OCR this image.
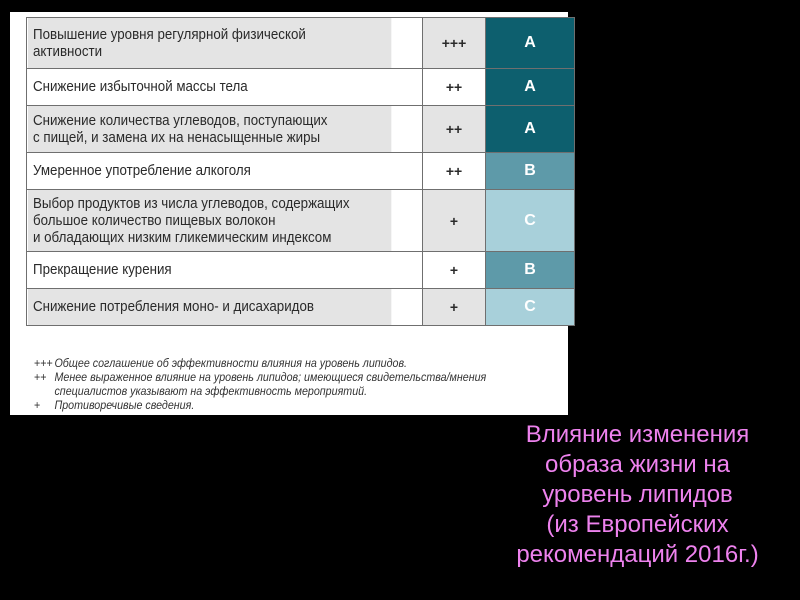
Повышение уровня регулярной физической
активности	+++	A
Снижение избыточной массы тела	++	A
Снижение количества углеводов, поступающих
с пищей, и замена их на ненасыщенные жиры	++	A
Умеренное употребление алкоголя	++	B
Выбор продуктов из числа углеводов, содержащих
большое количество пищевых волокон
и обладающих низким гликемическим индексом	+	C
Прекращение курения	+	B
Снижение потребления моно- и дисахаридов	+	C
+++ Общее соглашение об эффективности влияния на уровень липидов.
++ Менее выраженное влияние на уровень липидов; имеющиеся свидетельства/мнения специалистов указывают на эффективность мероприятий.
+	Противоречивые сведения.
Влияние изменения
образа жизни на
уровень липидов
(из Европейских
рекомендаций 2016г.)
